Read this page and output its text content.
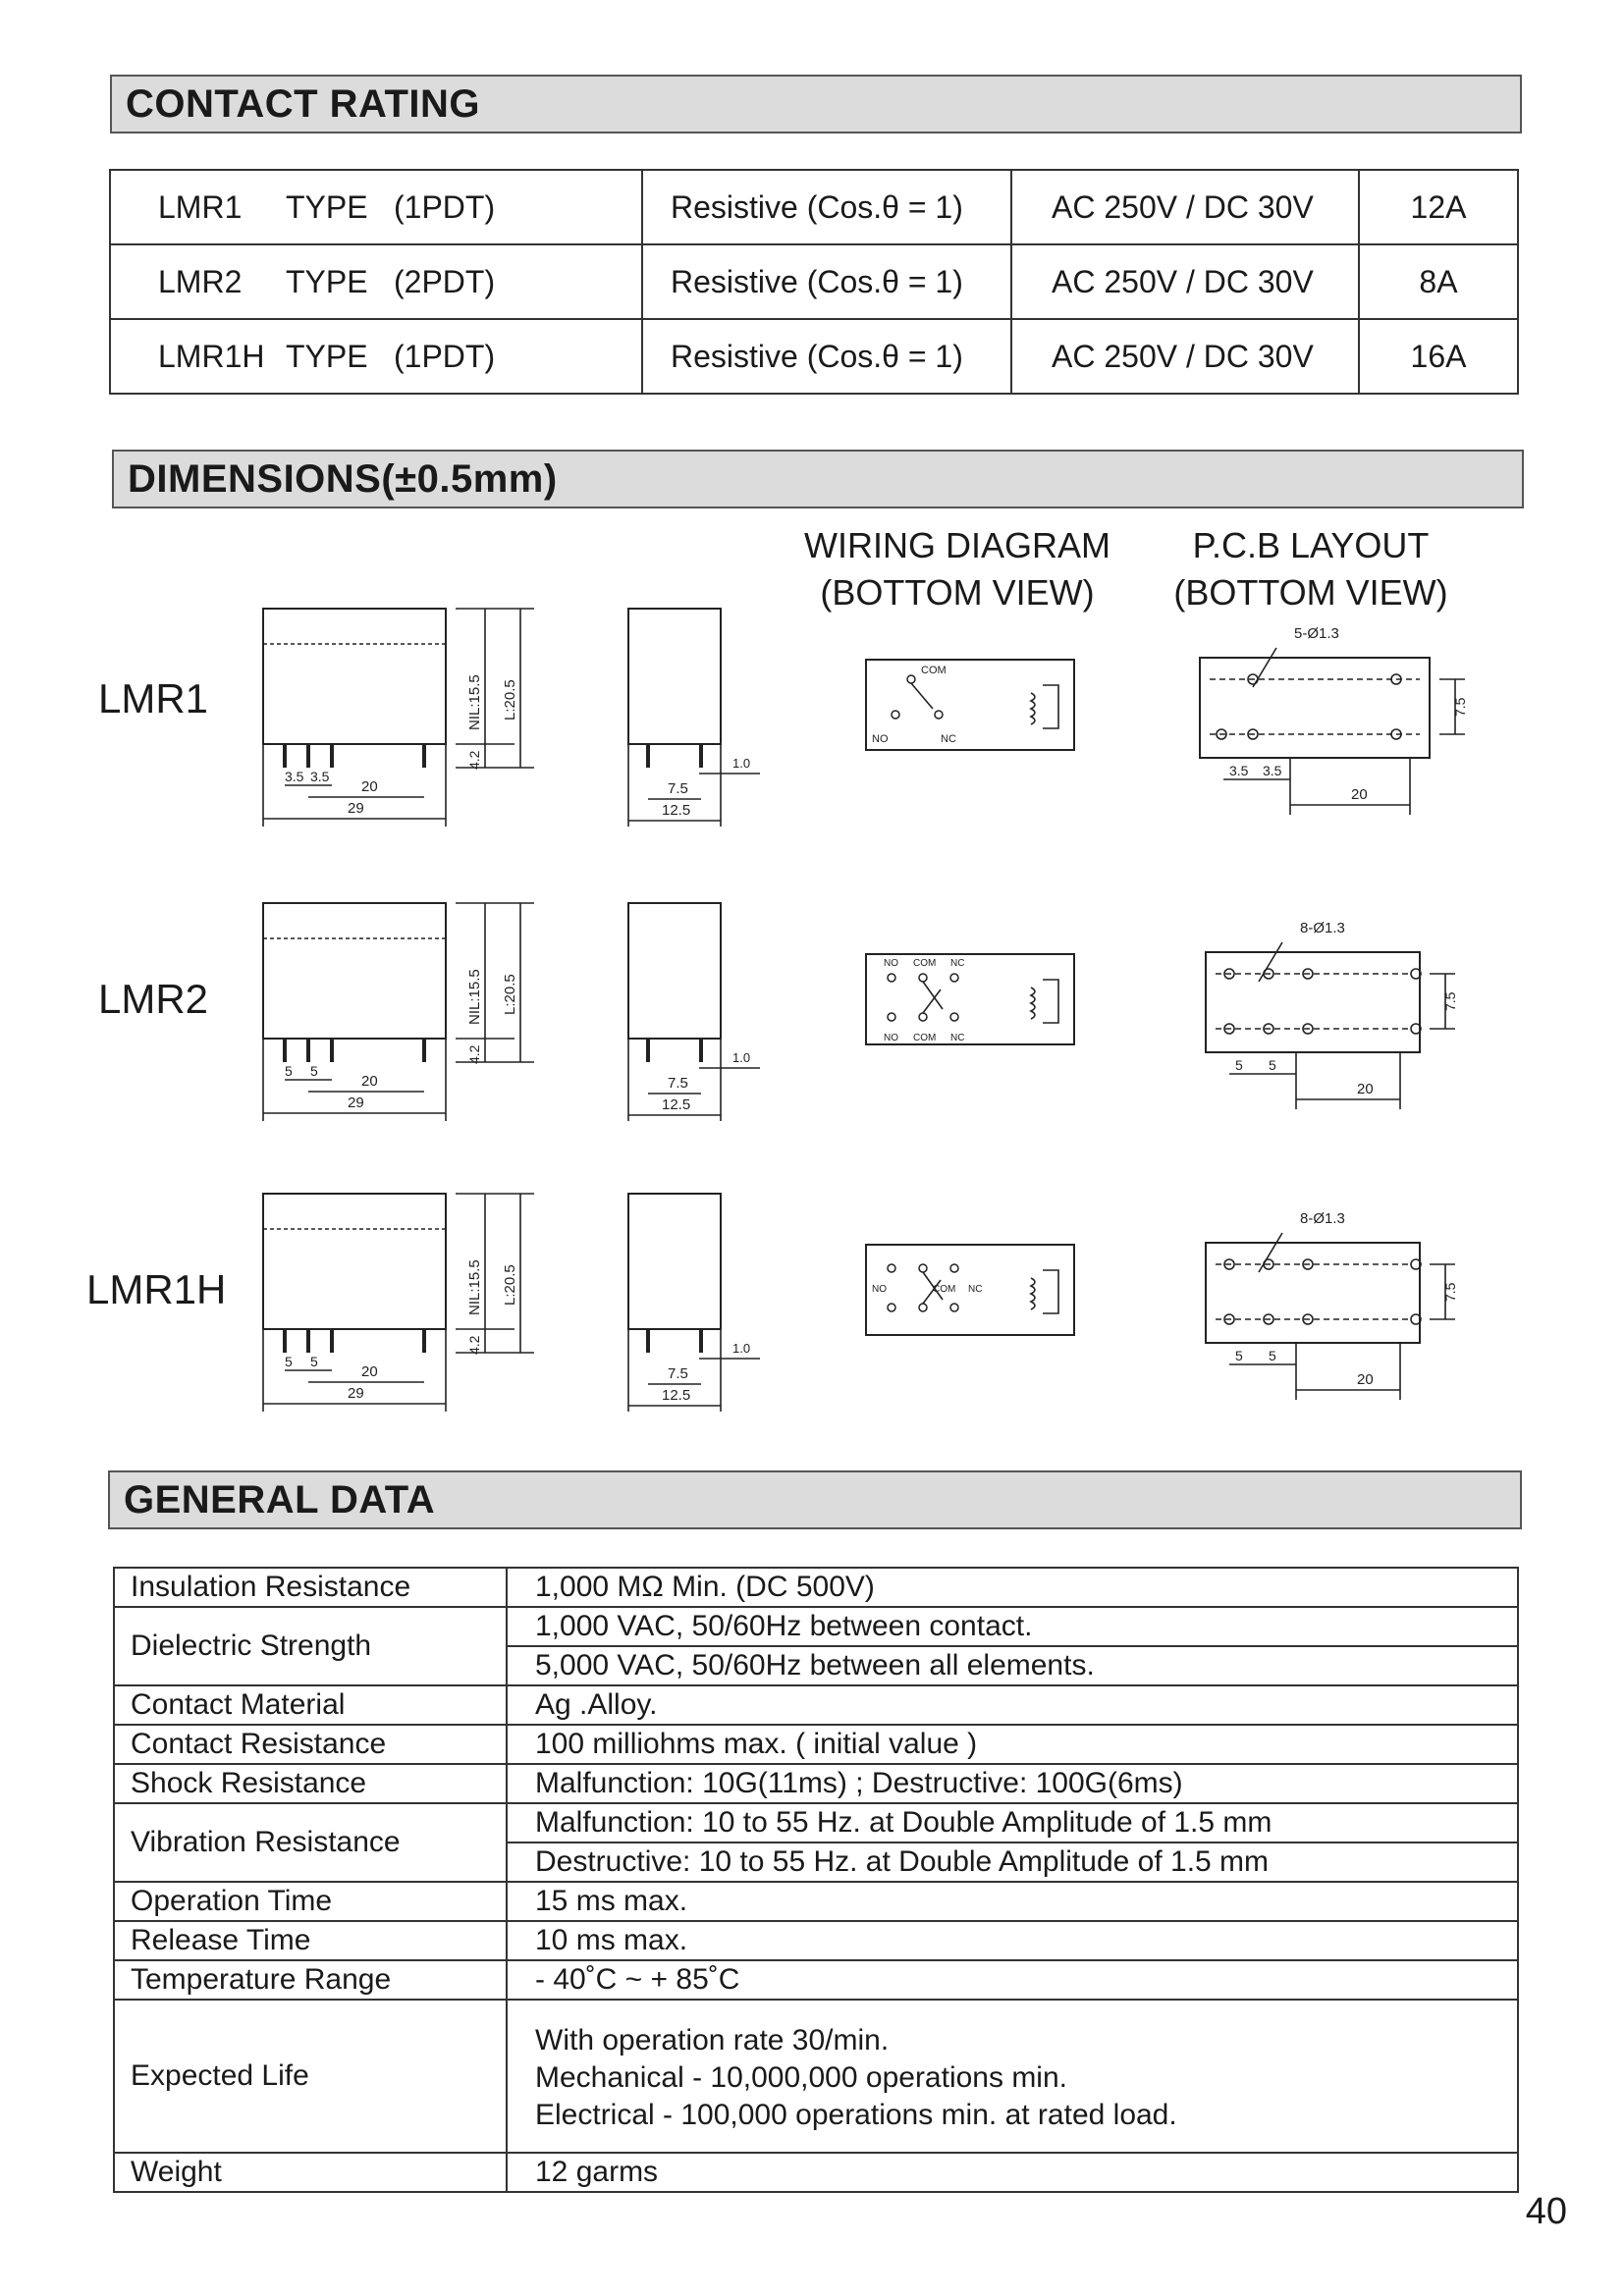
CONTACT RATING
LMR1 TYPE (1PDT)	Resistive (Cos.θ = 1)	AC 250V / DC 30V	12A

LMR2 TYPE (2PDT)	Resistive (Cos.θ = 1)	AC 250V / DC 30V	8A

LMR1H TYPE (1PDT)	Resistive (Cos.θ = 1)	AC 250V / DC 30V	16A
DIMENSIONS(±0.5mm)
WIRING DIAGRAM
(BOTTOM VIEW)
P.C.B LAYOUT
(BOTTOM VIEW)
LMR1
LMR2
LMR1H
3.5 3.5
20
29
NIL:15.5 L:20.5
4.2
7.5
12.5
1.0
COM
NO	NC
7.5
5-Ø1.3
3.5 3.5
20
5 5
20
29
NIL:15.5 L:20.5
4.2
7.5
12.5
1.0
NO COM NC
NO COM NC
7.5
8-Ø1.3
5 5
20
5 5
20
29
NIL:15.5 L:20.5
4.2
7.5
12.5
1.0
NO	COM NC	7.5
8-Ø1.3
5 5
20
GENERAL DATA
Insulation Resistance	1,000 MΩ Min. (DC 500V)

Dielectric Strength	1,000 VAC, 50/60Hz between contact.
5,000 VAC, 50/60Hz between all elements.

Contact Material	Ag .Alloy.

Contact Resistance	100 milliohms max. ( initial value )

Shock Resistance	Malfunction: 10G(11ms) ; Destructive: 100G(6ms)

Vibration Resistance	Malfunction: 10 to 55 Hz. at Double Amplitude of 1.5 mm
Destructive: 10 to 55 Hz. at Double Amplitude of 1.5 mm

Operation Time	15 ms max.

Release Time	10 ms max.

Temperature Range	- 40˚C ~ + 85˚C

Expected Life	With operation rate 30/min.
Mechanical - 10,000,000 operations min.
Electrical - 100,000 operations min. at rated load.

Weight	12 garms
40
